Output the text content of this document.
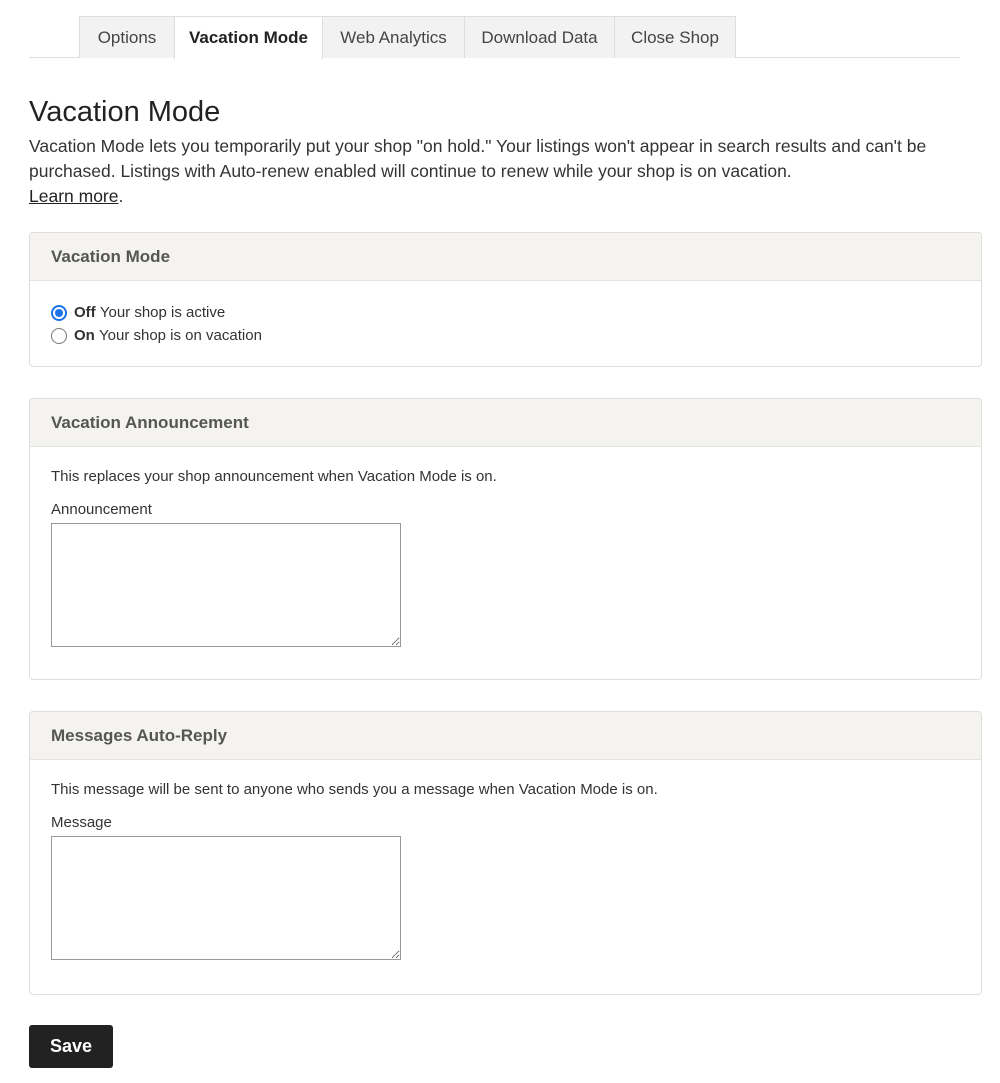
Options	Vacation Mode	Web Analytics	Download Data	Close Shop
Vacation Mode
Vacation Mode lets you temporarily put your shop "on hold." Your listings won't appear in search results and can't be purchased. Listings with Auto-renew enabled will continue to renew while your shop is on vacation.
Learn more.
Vacation Mode
Off
Your shop is active
On
Your shop is on vacation
Vacation Announcement
This replaces your shop announcement when Vacation Mode is on.
Announcement
Messages Auto-Reply
This message will be sent to anyone who sends you a message when Vacation Mode is on.
Message
Save
